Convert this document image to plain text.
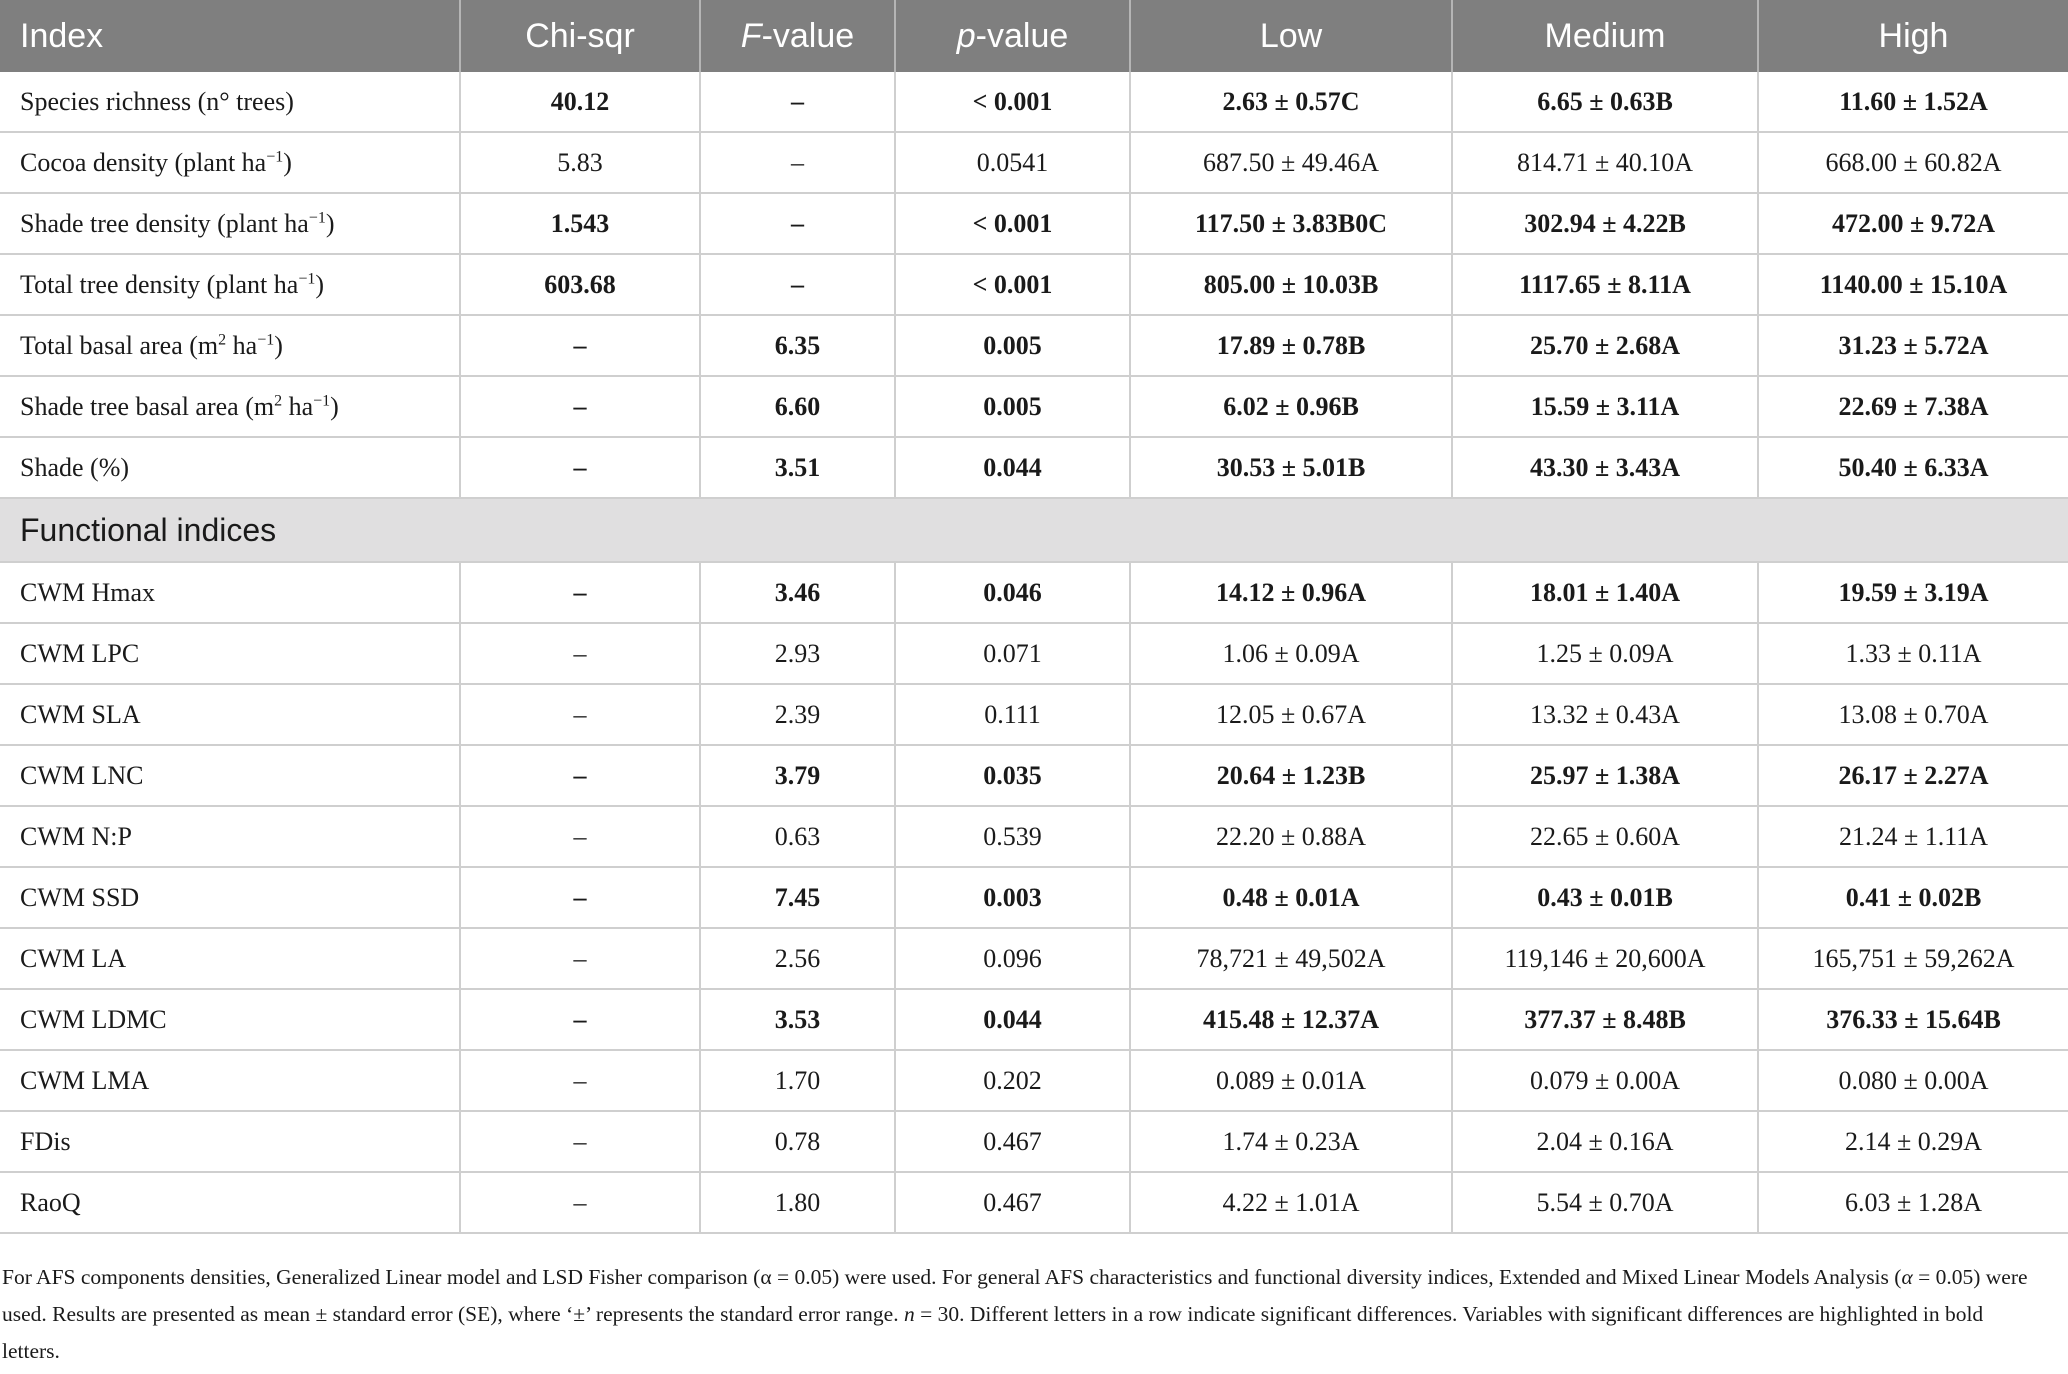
Index	Chi-sqr	F-value	p-value	Low	Medium	High
Species richness (n° trees)	40.12	–	< 0.001	2.63 ± 0.57C	6.65 ± 0.63B	11.60 ± 1.52A
Cocoa density (plant $ha^{-1}$)	5.83	–	0.0541	687.50 ± 49.46A	814.71 ± 40.10A	668.00 ± 60.82A
Shade tree density (plant $ha^{-1}$)	1.543	–	< 0.001	117.50 ± 3.83B0C	302.94 ± 4.22B	472.00 ± 9.72A
Total tree density (plant $ha^{-1}$)	603.68	–	< 0.001	805.00 ± 10.03B	1117.65 ± 8.11A	1140.00 ± 15.10A
Total basal area ($m^2$ $ha^{-1}$)	–	6.35	0.005	17.89 ± 0.78B	25.70 ± 2.68A	31.23 ± 5.72A
Shade tree basal area ($m^2$ $ha^{-1}$)	–	6.60	0.005	6.02 ± 0.96B	15.59 ± 3.11A	22.69 ± 7.38A
Shade (%)	–	3.51	0.044	30.53 ± 5.01B	43.30 ± 3.43A	50.40 ± 6.33A
Functional indices						
CWM Hmax	–	3.46	0.046	14.12 ± 0.96A	18.01 ± 1.40A	19.59 ± 3.19A
CWM LPC	–	2.93	0.071	1.06 ± 0.09A	1.25 ± 0.09A	1.33 ± 0.11A
CWM SLA	–	2.39	0.111	12.05 ± 0.67A	13.32 ± 0.43A	13.08 ± 0.70A
CWM LNC	–	3.79	0.035	20.64 ± 1.23B	25.97 ± 1.38A	26.17 ± 2.27A
CWM N:P	–	0.63	0.539	22.20 ± 0.88A	22.65 ± 0.60A	21.24 ± 1.11A
CWM SSD	–	7.45	0.003	0.48 ± 0.01A	0.43 ± 0.01B	0.41 ± 0.02B
CWM LA	–	2.56	0.096	78,721 ± 49,502A	119,146 ± 20,600A	165,751 ± 59,262A
CWM LDMC	–	3.53	0.044	415.48 ± 12.37A	377.37 ± 8.48B	376.33 ± 15.64B
CWM LMA	–	1.70	0.202	0.089 ± 0.01A	0.079 ± 0.00A	0.080 ± 0.00A
FDis	–	0.78	0.467	1.74 ± 0.23A	2.04 ± 0.16A	2.14 ± 0.29A
RaoQ	–	1.80	0.467	4.22 ± 1.01A	5.54 ± 0.70A	6.03 ± 1.28A
For AFS components densities, Generalized Linear model and LSD Fisher comparison (α = 0.05) were used. For general AFS characteristics and functional diversity indices, Extended and Mixed Linear Models Analysis (α = 0.05) were used. Results are presented as mean ± standard error (SE), where ‘±’ represents the standard error range. n = 30. Different letters in a row indicate significant differences. Variables with significant differences are highlighted in bold letters.
